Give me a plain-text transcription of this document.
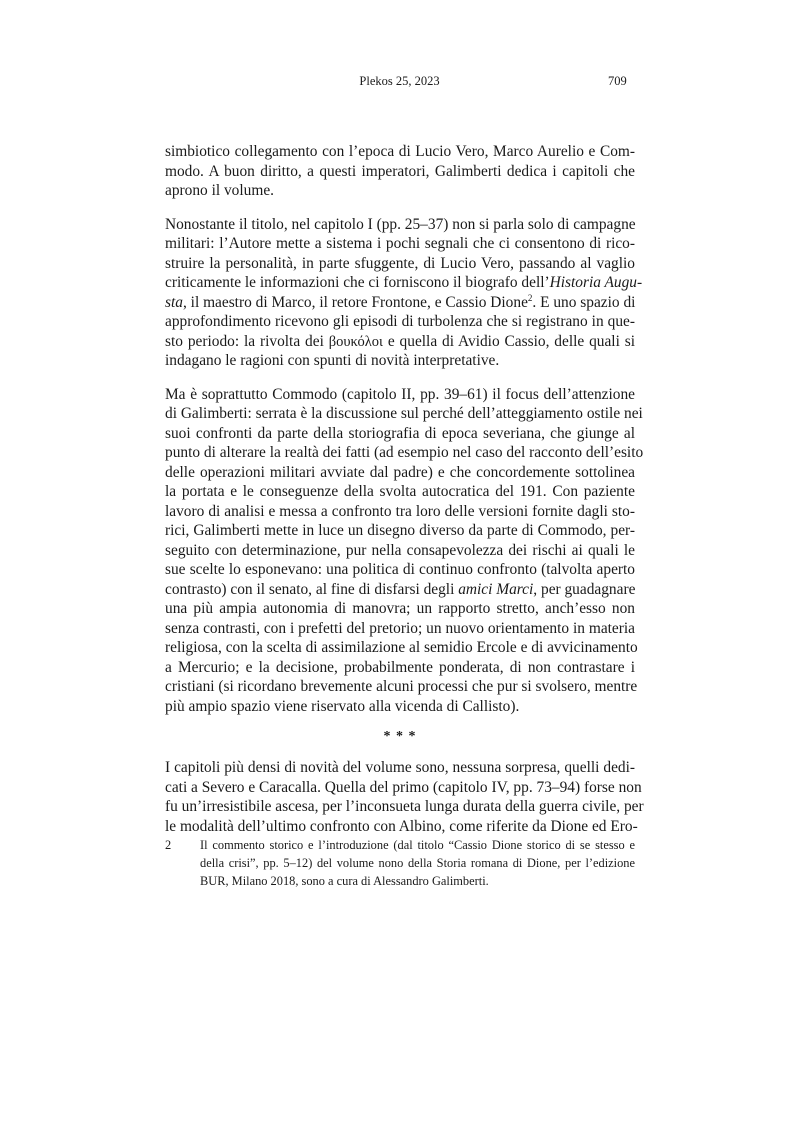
Plekos 25, 2023	709
simbiotico collegamento con l’epoca di Lucio Vero, Marco Aurelio e Com-
modo. A buon diritto, a questi imperatori, Galimberti dedica i capitoli che
aprono il volume.
Nonostante il titolo, nel capitolo I (pp. 25–37) non si parla solo di campagne
militari: l’Autore mette a sistema i pochi segnali che ci consentono di rico-
struire la personalità, in parte sfuggente, di Lucio Vero, passando al vaglio
criticamente le informazioni che ci forniscono il biografo dell’Historia Augu-
sta, il maestro di Marco, il retore Frontone, e Cassio Dione$^2$. E uno spazio di
approfondimento ricevono gli episodi di turbolenza che si registrano in que-
sto periodo: la rivolta dei βουκόλοι e quella di Avidio Cassio, delle quali si
indagano le ragioni con spunti di novità interpretative.
Ma è soprattutto Commodo (capitolo II, pp. 39–61) il focus dell’attenzione
di Galimberti: serrata è la discussione sul perché dell’atteggiamento ostile nei
suoi confronti da parte della storiografia di epoca severiana, che giunge al
punto di alterare la realtà dei fatti (ad esempio nel caso del racconto dell’esito
delle operazioni militari avviate dal padre) e che concordemente sottolinea
la portata e le conseguenze della svolta autocratica del 191. Con paziente
lavoro di analisi e messa a confronto tra loro delle versioni fornite dagli sto-
rici, Galimberti mette in luce un disegno diverso da parte di Commodo, per-
seguito con determinazione, pur nella consapevolezza dei rischi ai quali le
sue scelte lo esponevano: una politica di continuo confronto (talvolta aperto
contrasto) con il senato, al fine di disfarsi degli amici Marci, per guadagnare
una più ampia autonomia di manovra; un rapporto stretto, anch’esso non
senza contrasti, con i prefetti del pretorio; un nuovo orientamento in materia
religiosa, con la scelta di assimilazione al semidio Ercole e di avvicinamento
a Mercurio; e la decisione, probabilmente ponderata, di non contrastare i
cristiani (si ricordano brevemente alcuni processi che pur si svolsero, mentre
più ampio spazio viene riservato alla vicenda di Callisto).
* * *
I capitoli più densi di novità del volume sono, nessuna sorpresa, quelli dedi-
cati a Severo e Caracalla. Quella del primo (capitolo IV, pp. 73–94) forse non
fu un’irresistibile ascesa, per l’inconsueta lunga durata della guerra civile, per
le modalità dell’ultimo confronto con Albino, come riferite da Dione ed Ero-
2 Il commento storico e l’introduzione (dal titolo “Cassio Dione storico di se stesso e
della crisi”, pp. 5–12) del volume nono della Storia romana di Dione, per l’edizione
BUR, Milano 2018, sono a cura di Alessandro Galimberti.
